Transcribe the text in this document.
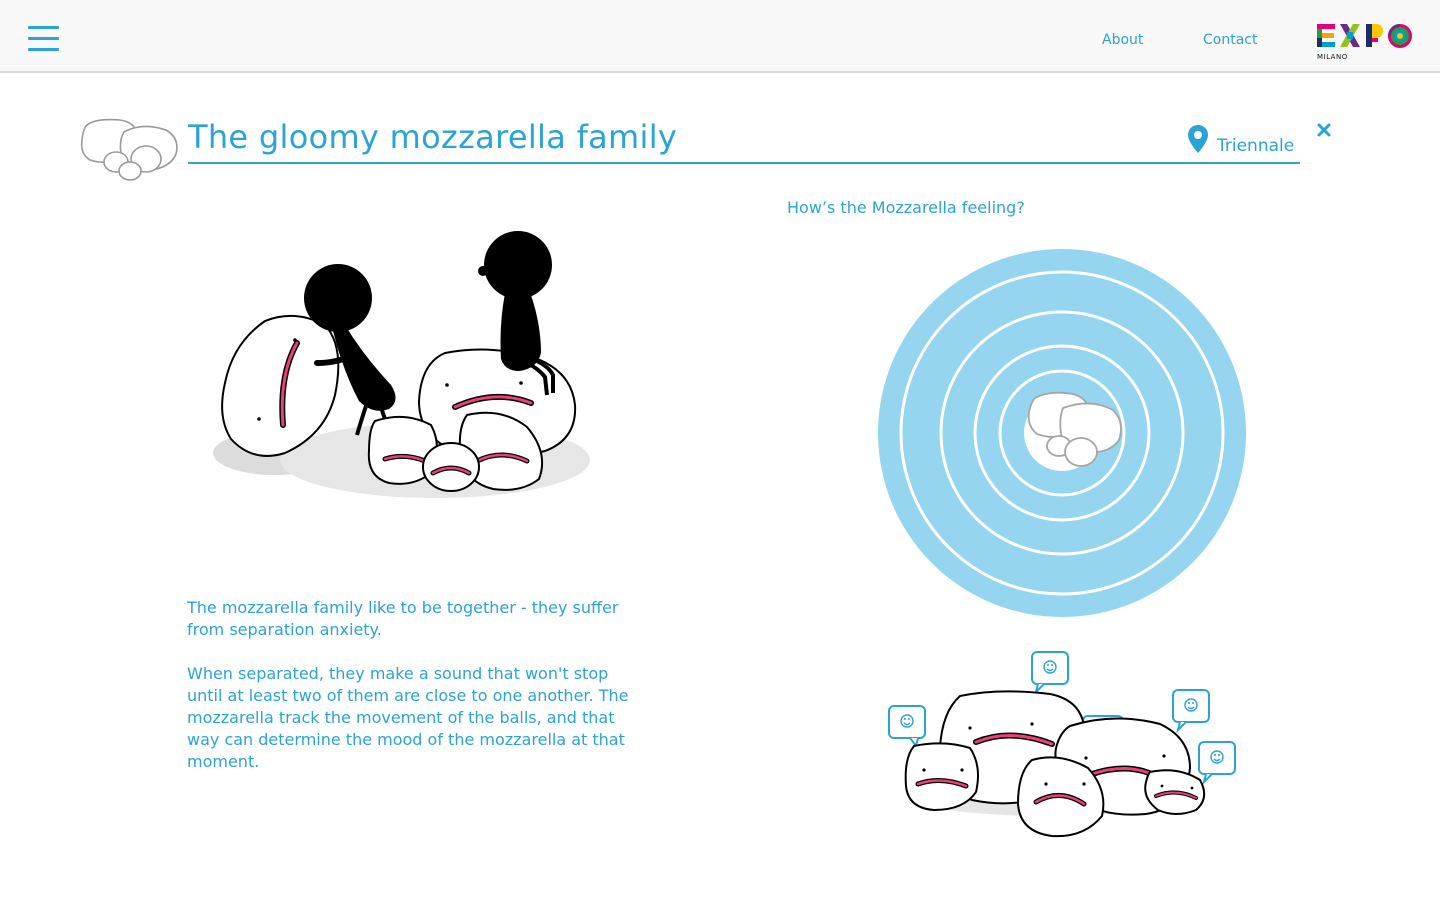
About	Contact
MILANO
The gloomy mozzarella family	Triennale

The mozzarella family like to be together - they suffer from separation anxiety.

When separated, they make a sound that won't stop until at least two of them are close to one another. The mozzarella track the movement of the balls, and that way can determine the mood of the mozzarella at that moment.

How’s the Mozzarella feeling?
